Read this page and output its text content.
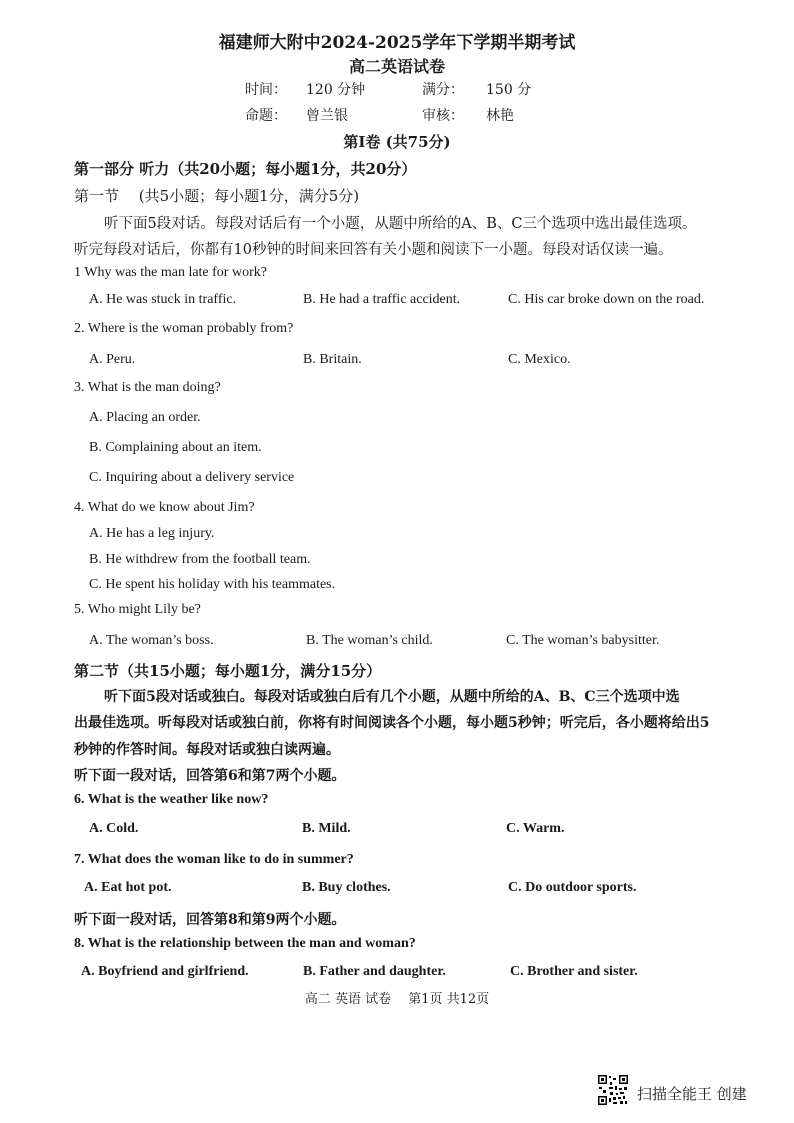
福建师大附中2024-2025学年下学期半期考试
高二英语试卷
时间： 120 分钟	满分： 150 分
命题： 曾兰银	审核： 林艳
第Ⅰ卷 (共75分)
第一部分 听力（共20小题；每小题1分，共20分）
第一节　 (共5小题；每小题1分，满分5分)
听下面5段对话。每段对话后有一个小题，从题中所给的A、B、C三个选项中选出最佳选项。
听完每段对话后，你都有10秒钟的时间来回答有关小题和阅读下一小题。每段对话仅读一遍。
1 Why was the man late for work?
A. He was stuck in traffic.	B. He had a traffic accident.	C. His car broke down on the road.
2. Where is the woman probably from?
A. Peru.	B. Britain.	C. Mexico.
3. What is the man doing?
A. Placing an order.
B. Complaining about an item.
C. Inquiring about a delivery service
4. What do we know about Jim?
A. He has a leg injury.
B. He withdrew from the football team.
C. He spent his holiday with his teammates.
5. Who might Lily be?
A. The woman’s boss.	B. The woman’s child.	C. The woman’s babysitter.
第二节（共15小题；每小题1分，满分15分）
听下面5段对话或独白。每段对话或独白后有几个小题，从题中所给的A、B、C三个选项中选
出最佳选项。听每段对话或独白前，你将有时间阅读各个小题，每小题5秒钟；听完后，各小题将给出5
秒钟的作答时间。每段对话或独白读两遍。
听下面一段对话，回答第6和第7两个小题。
6. What is the weather like now?
A. Cold.	B. Mild.	C. Warm.
7. What does the woman like to do in summer?
A. Eat hot pot.	B. Buy clothes.	C. Do outdoor sports.
听下面一段对话，回答第8和第9两个小题。
8. What is the relationship between the man and woman?
A. Boyfriend and girlfriend.	B. Father and daughter.	C. Brother and sister.
高二 英语 试卷　 第1页 共12页
扫描全能王 创建
